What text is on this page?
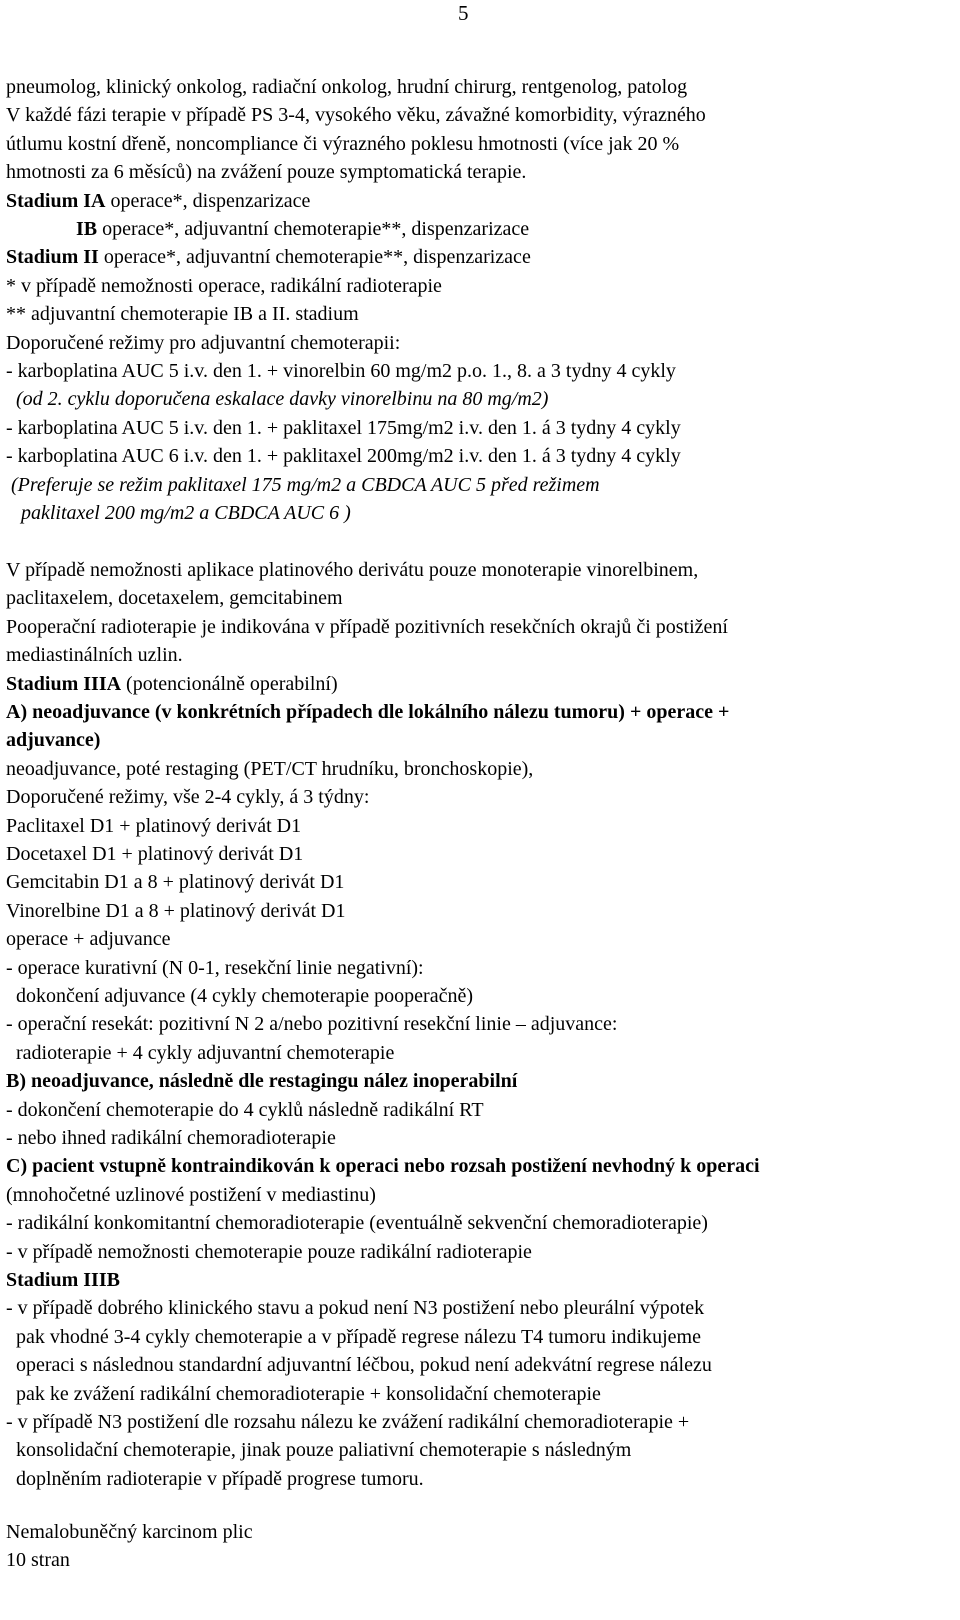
5
pneumolog, klinický onkolog, radiační onkolog, hrudní chirurg, rentgenolog, patolog
V každé fázi terapie v případě PS 3-4, vysokého věku, závažné komorbidity, výrazného
útlumu kostní dřeně, noncompliance či výrazného poklesu hmotnosti (více jak 20 %
hmotnosti za 6 měsíců) na zvážení pouze symptomatická terapie.
Stadium IA operace*, dispenzarizace
IB operace*, adjuvantní chemoterapie**, dispenzarizace
Stadium II operace*, adjuvantní chemoterapie**, dispenzarizace
* v případě nemožnosti operace, radikální radioterapie
** adjuvantní chemoterapie IB a II. stadium
Doporučené režimy pro adjuvantní chemoterapii:
- karboplatina AUC 5 i.v. den 1. + vinorelbin 60 mg/m2 p.o. 1., 8. a 3 tydny 4 cykly
(od 2. cyklu doporučena eskalace davky vinorelbinu na 80 mg/m2)
- karboplatina AUC 5 i.v. den 1. + paklitaxel 175mg/m2 i.v. den 1. á 3 tydny 4 cykly
- karboplatina AUC 6 i.v. den 1. + paklitaxel 200mg/m2 i.v. den 1. á 3 tydny 4 cykly
(Preferuje se režim paklitaxel 175 mg/m2 a CBDCA AUC 5 před režimem
paklitaxel 200 mg/m2 a CBDCA AUC 6 )
V případě nemožnosti aplikace platinového derivátu pouze monoterapie vinorelbinem,
paclitaxelem, docetaxelem, gemcitabinem
Pooperační radioterapie je indikována v případě pozitivních resekčních okrajů či postižení
mediastinálních uzlin.
Stadium IIIA (potencionálně operabilní)
A) neoadjuvance (v konkrétních případech dle lokálního nálezu tumoru) + operace +
adjuvance)
neoadjuvance, poté restaging (PET/CT hrudníku, bronchoskopie),
Doporučené režimy, vše 2-4 cykly, á 3 týdny:
Paclitaxel D1 + platinový derivát D1
Docetaxel D1 + platinový derivát D1
Gemcitabin D1 a 8 + platinový derivát D1
Vinorelbine D1 a 8 + platinový derivát D1
operace + adjuvance
- operace kurativní (N 0-1, resekční linie negativní):
dokončení adjuvance (4 cykly chemoterapie pooperačně)
- operační resekát: pozitivní N 2 a/nebo pozitivní resekční linie – adjuvance:
radioterapie + 4 cykly adjuvantní chemoterapie
B) neoadjuvance, následně dle restagingu nález inoperabilní
- dokončení chemoterapie do 4 cyklů následně radikální RT
- nebo ihned radikální chemoradioterapie
C) pacient vstupně kontraindikován k operaci nebo rozsah postižení nevhodný k operaci
(mnohočetné uzlinové postižení v mediastinu)
- radikální konkomitantní chemoradioterapie (eventuálně sekvenční chemoradioterapie)
- v případě nemožnosti chemoterapie pouze radikální radioterapie
Stadium IIIB
- v případě dobrého klinického stavu a pokud není N3 postižení nebo pleurální výpotek
pak vhodné 3-4 cykly chemoterapie a v případě regrese nálezu T4 tumoru indikujeme
operaci s následnou standardní adjuvantní léčbou, pokud není adekvátní regrese nálezu
pak ke zvážení radikální chemoradioterapie + konsolidační chemoterapie
- v případě N3 postižení dle rozsahu nálezu ke zvážení radikální chemoradioterapie +
konsolidační chemoterapie, jinak pouze paliativní chemoterapie s následným
doplněním radioterapie v případě progrese tumoru.
Nemalobuněčný karcinom plic
10 stran
